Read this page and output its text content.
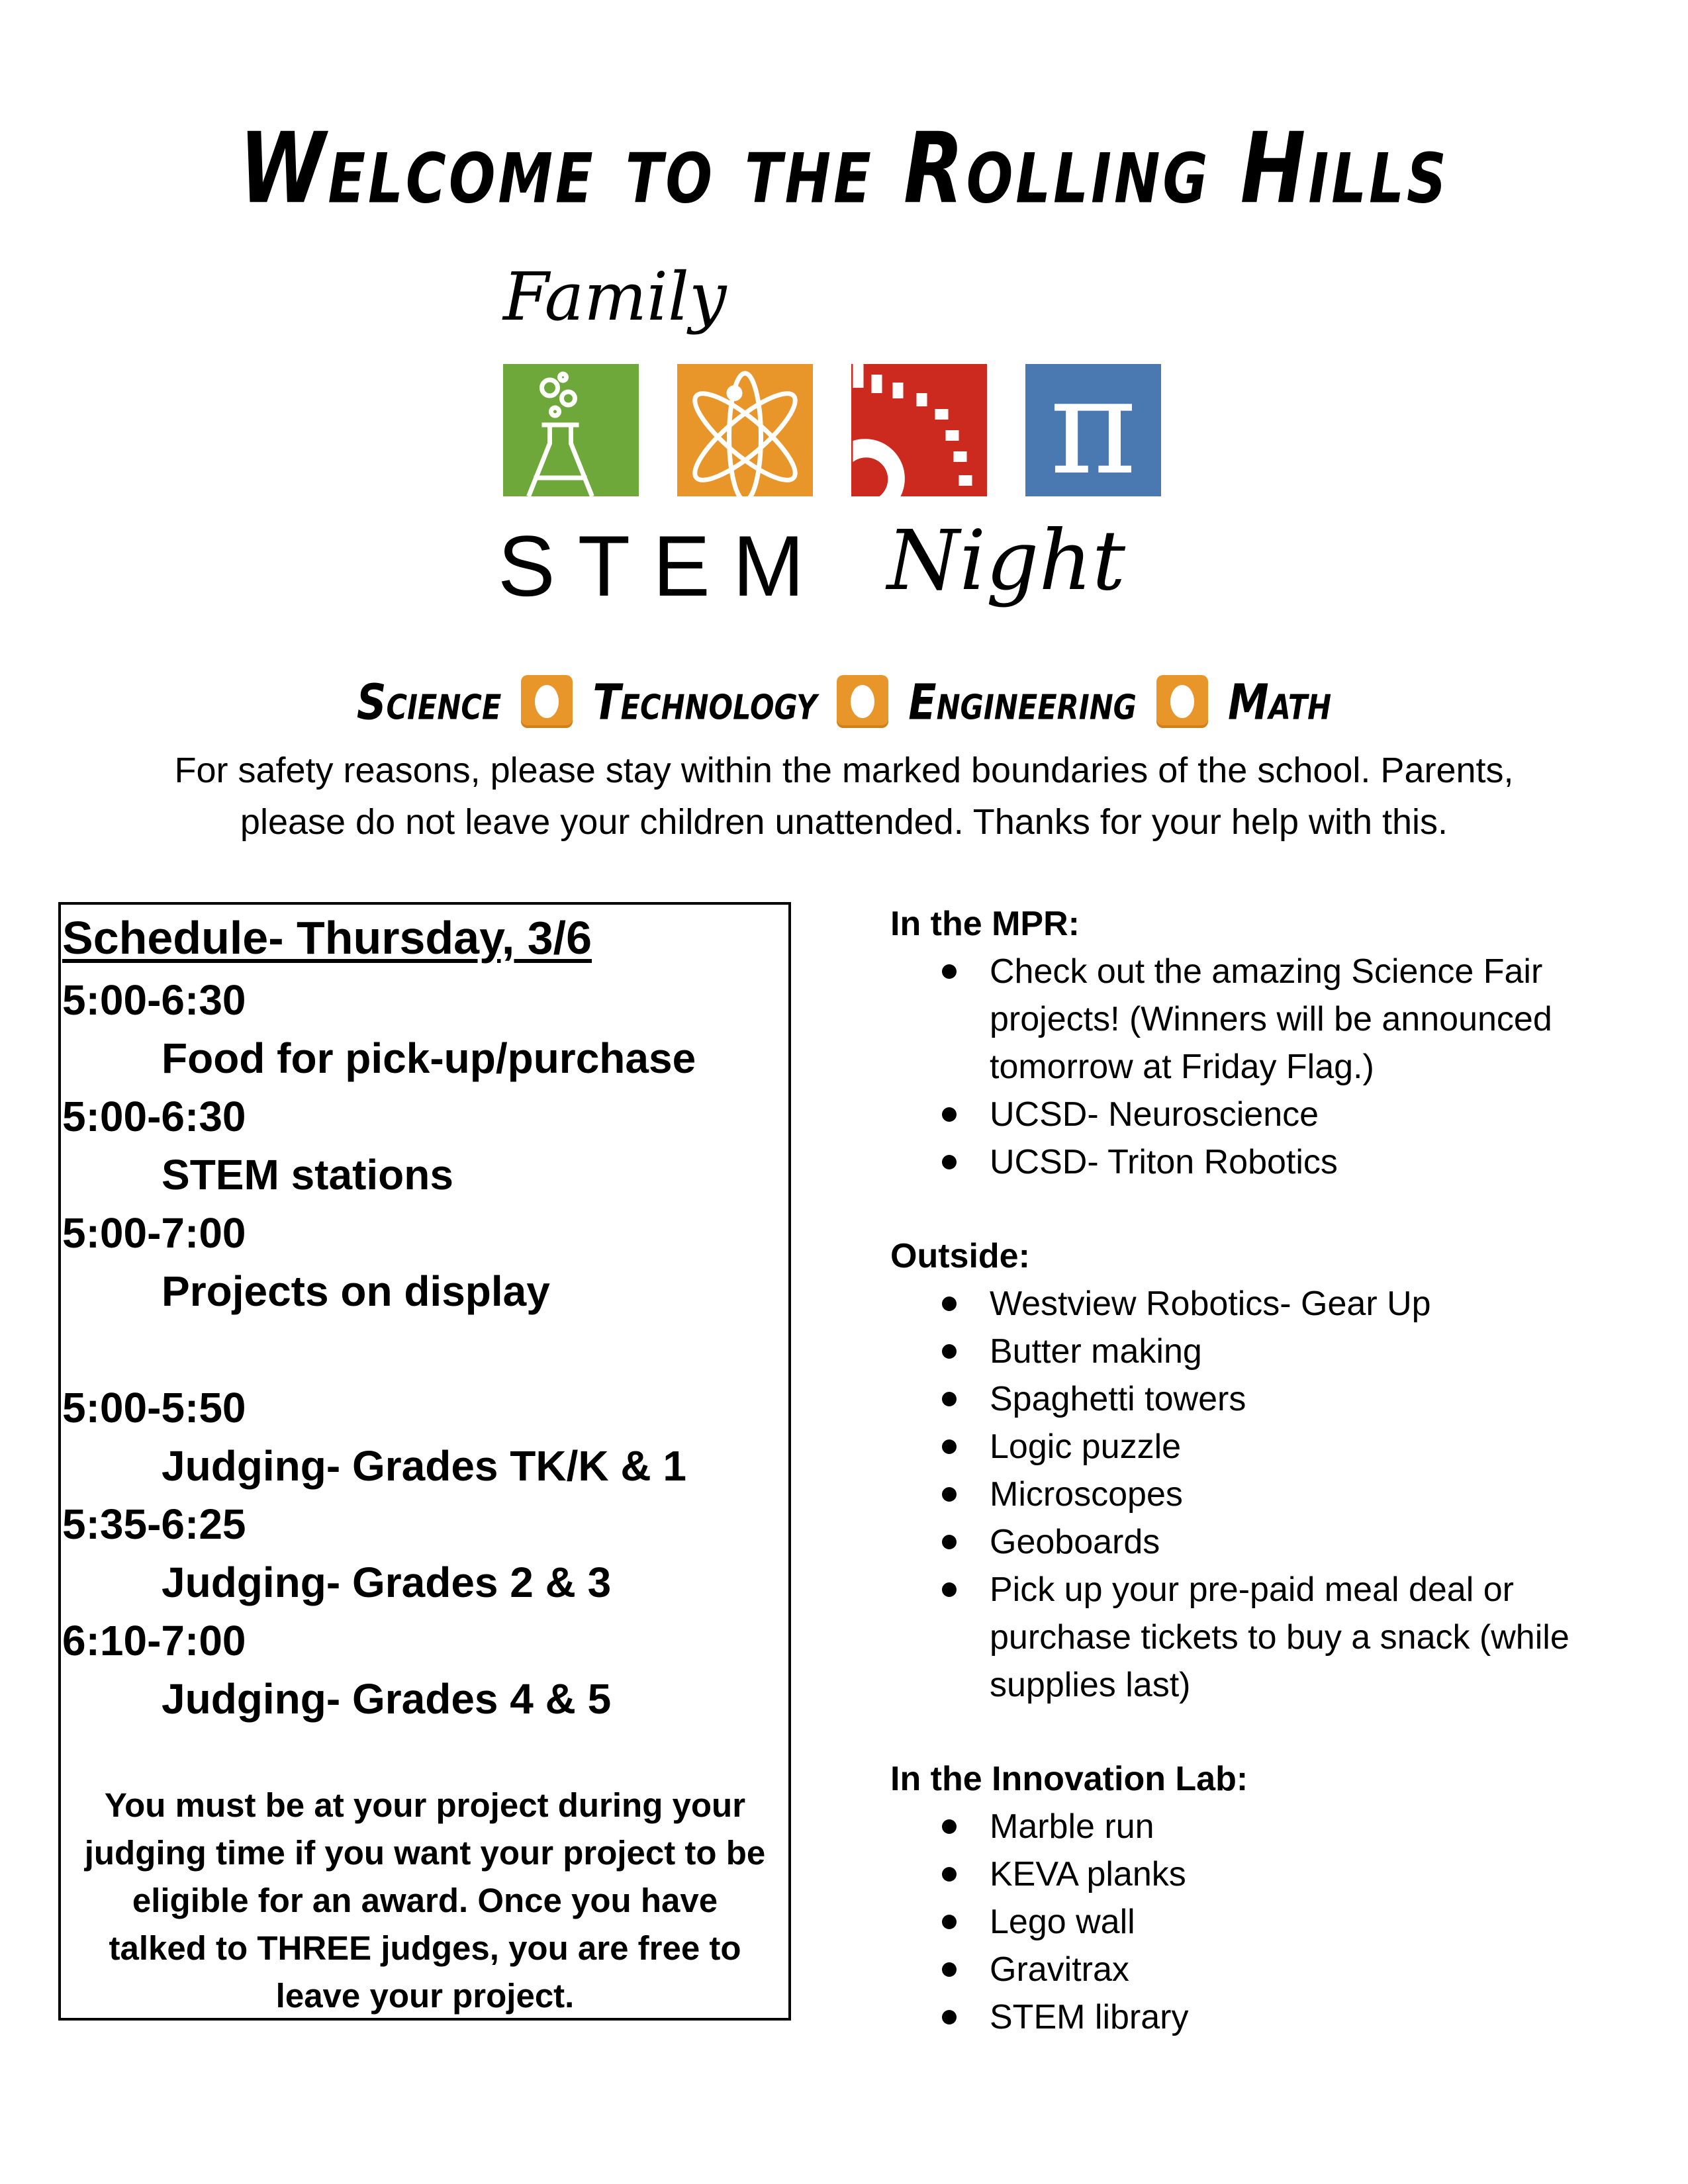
Welcome to the Rolling Hills
Family
π
STEM Night
Science Technology Engineering Math
For safety reasons, please stay within the marked boundaries of the school. Parents,
please do not leave your children unattended. Thanks for your help with this.
Schedule- Thursday, 3/6
5:00-6:30
Food for pick-up/purchase
5:00-6:30
STEM stations
5:00-7:00
Projects on display
5:00-5:50
Judging- Grades TK/K & 1
5:35-6:25
Judging- Grades 2 & 3
6:10-7:00
Judging- Grades 4 & 5
You must be at your project during your
judging time if you want your project to be
eligible for an award. Once you have
talked to THREE judges, you are free to
leave your project.
In the MPR:
Check out the amazing Science Fair
projects! (Winners will be announced
tomorrow at Friday Flag.)
UCSD- Neuroscience
UCSD- Triton Robotics
Outside:
Westview Robotics- Gear Up
Butter making
Spaghetti towers
Logic puzzle
Microscopes
Geoboards
Pick up your pre-paid meal deal or
purchase tickets to buy a snack (while
supplies last)
In the Innovation Lab:
Marble run
KEVA planks
Lego wall
Gravitrax
STEM library
